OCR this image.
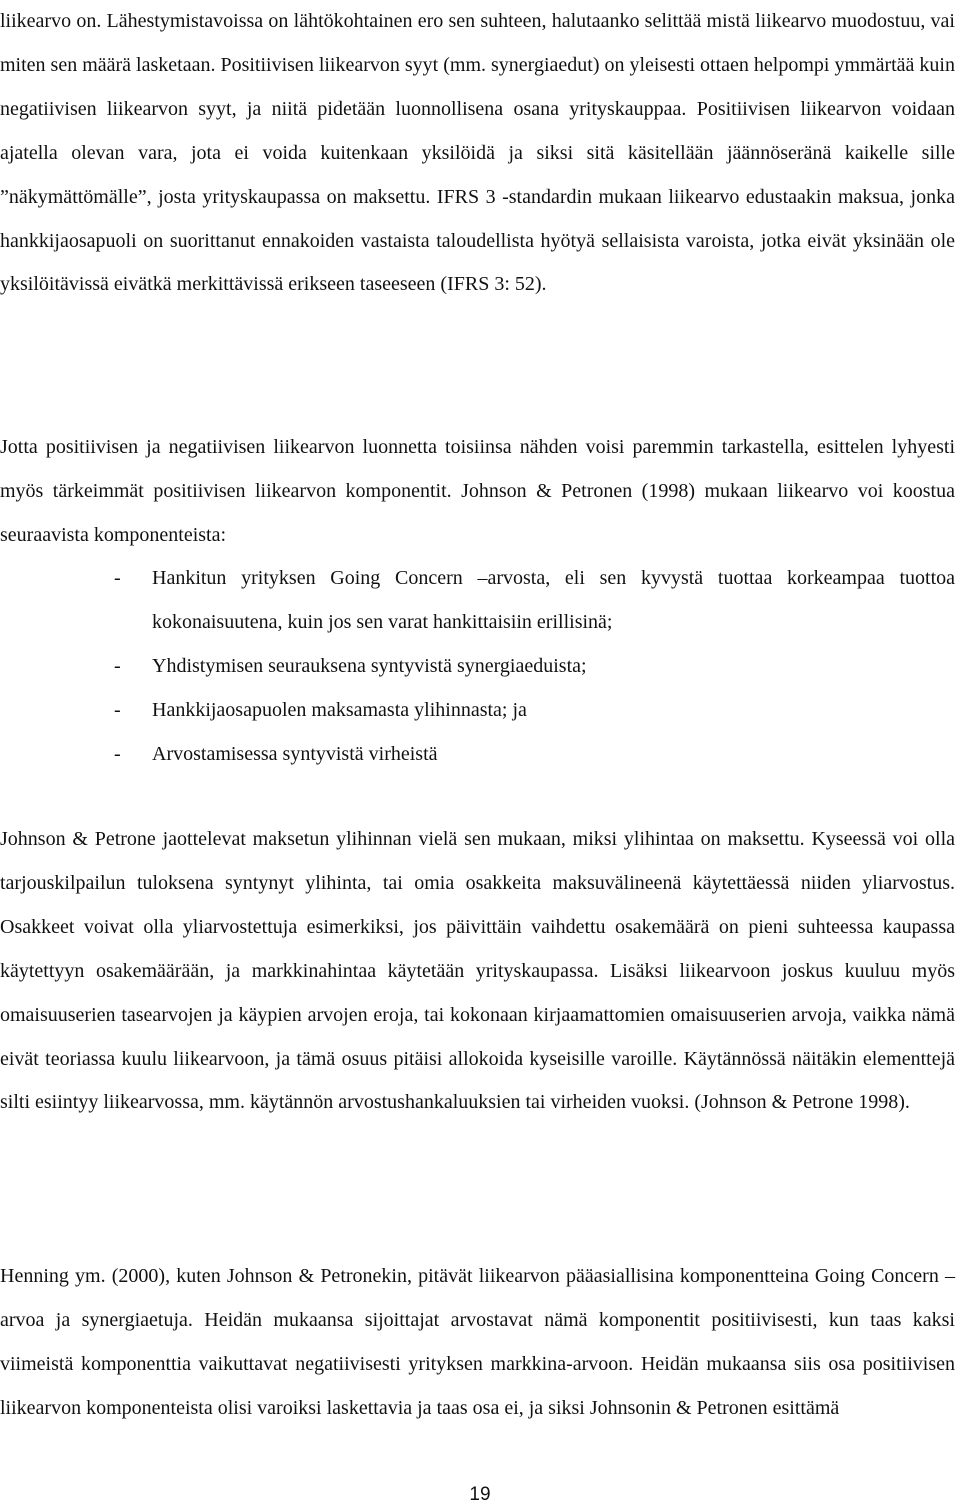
liikearvo on. Lähestymistavoissa on lähtökohtainen ero sen suhteen, halutaanko selittää mistä liikearvo muodostuu, vai miten sen määrä lasketaan. Positiivisen liikearvon syyt (mm. synergiaedut) on yleisesti ottaen helpompi ymmärtää kuin negatiivisen liikearvon syyt, ja niitä pidetään luonnollisena osana yrityskauppaa. Positiivisen liikearvon voidaan ajatella olevan vara, jota ei voida kuitenkaan yksilöidä ja siksi sitä käsitellään jäännöseränä kaikelle sille ”näkymättömälle”, josta yrityskaupassa on maksettu. IFRS 3 -standardin mukaan liikearvo edustaakin maksua, jonka hankkijaosapuoli on suorittanut ennakoiden vastaista taloudellista hyötyä sellaisista varoista, jotka eivät yksinään ole yksilöitävissä eivätkä merkittävissä erikseen taseeseen (IFRS 3: 52).

Jotta positiivisen ja negatiivisen liikearvon luonnetta toisiinsa nähden voisi paremmin tarkastella, esittelen lyhyesti myös tärkeimmät positiivisen liikearvon komponentit. Johnson & Petronen (1998) mukaan liikearvo voi koostua seuraavista komponenteista:

- Hankitun yrityksen Going Concern –arvosta, eli sen kyvystä tuottaa korkeampaa tuottoa kokonaisuutena, kuin jos sen varat hankittaisiin erillisinä;
- Yhdistymisen seurauksena syntyvistä synergiaeduista;
- Hankkijaosapuolen maksamasta ylihinnasta; ja
- Arvostamisessa syntyvistä virheistä

Johnson & Petrone jaottelevat maksetun ylihinnan vielä sen mukaan, miksi ylihintaa on maksettu. Kyseessä voi olla tarjouskilpailun tuloksena syntynyt ylihinta, tai omia osakkeita maksuvälineenä käytettäessä niiden yliarvostus. Osakkeet voivat olla yliarvostettuja esimerkiksi, jos päivittäin vaihdettu osakemäärä on pieni suhteessa kaupassa käytettyyn osakemäärään, ja markkinahintaa käytetään yrityskaupassa. Lisäksi liikearvoon joskus kuuluu myös omaisuuserien tasearvojen ja käypien arvojen eroja, tai kokonaan kirjaamattomien omaisuuserien arvoja, vaikka nämä eivät teoriassa kuulu liikearvoon, ja tämä osuus pitäisi allokoida kyseisille varoille. Käytännössä näitäkin elementtejä silti esiintyy liikearvossa, mm. käytännön arvostushankaluuksien tai virheiden vuoksi. (Johnson & Petrone 1998).

Henning ym. (2000), kuten Johnson & Petronekin, pitävät liikearvon pääasiallisina komponentteina Going Concern –arvoa ja synergiaetuja. Heidän mukaansa sijoittajat arvostavat nämä komponentit positiivisesti, kun taas kaksi viimeistä komponenttia vaikuttavat negatiivisesti yrityksen markkina-arvoon. Heidän mukaansa siis osa positiivisen liikearvon komponenteista olisi varoiksi laskettavia ja taas osa ei, ja siksi Johnsonin & Petronen esittämä

19
